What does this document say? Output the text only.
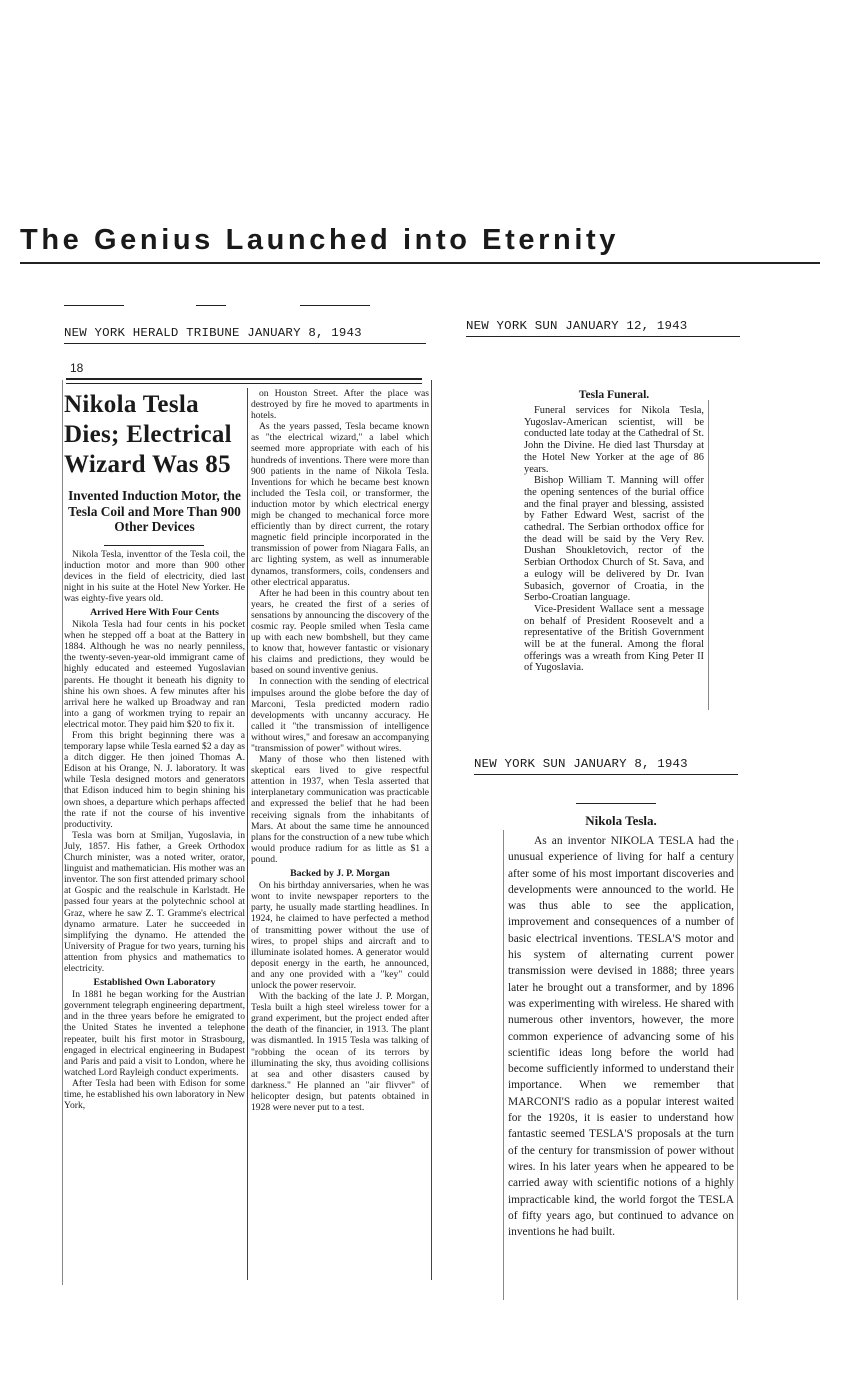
The Genius Launched into Eternity
NEW YORK HERALD TRIBUNE JANUARY 8, 1943
18
Nikola Tesla Dies; Electrical Wizard Was 85
Invented Induction Motor, the Tesla Coil and More Than 900 Other Devices

Nikola Tesla, inventtor of the Tesla coil, the induction motor and more than 900 other devices in the field of electricity, died last night in his suite at the Hotel New Yorker. He was eighty-five years old.

Arrived Here With Four Cents

Nikola Tesla had four cents in his pocket when he stepped off a boat at the Battery in 1884. Although he was no nearly penniless, the twenty-seven-year-old immigrant came of highly educated and esteemed Yugoslavian parents. He thought it beneath his dignity to shine his own shoes. A few minutes after his arrival here he walked up Broadway and ran into a gang of workmen trying to repair an electrical motor. They paid him $20 to fix it.

From this bright beginning there was a temporary lapse while Tesla earned $2 a day as a ditch digger. He then joined Thomas A. Edison at his Orange, N. J. laboratory. It was while Tesla designed motors and generators that Edison induced him to begin shining his own shoes, a departure which perhaps affected the rate if not the course of his inventive productivity.

Tesla was born at Smiljan, Yugoslavia, in July, 1857. His father, a Greek Orthodox Church minister, was a noted writer, orator, linguist and mathematician. His mother was an inventor. The son first attended primary school at Gospic and the realschule in Karlstadt. He passed four years at the polytechnic school at Graz, where he saw Z. T. Gramme's electrical dynamo armature. Later he succeeded in simplifying the dynamo. He attended the University of Prague for two years, turning his attention from physics and mathematics to electricity.

Established Own Laboratory

In 1881 he began working for the Austrian government telegraph engineering department, and in the three years before he emigrated to the United States he invented a telephone repeater, built his first motor in Strasbourg, engaged in electrical engineering in Budapest and Paris and paid a visit to London, where he watched Lord Rayleigh conduct experiments.

After Tesla had been with Edison for some time, he established his own laboratory in New York,

on Houston Street. After the place was destroyed by fire he moved to apartments in hotels.

As the years passed, Tesla became known as "the electrical wizard," a label which seemed more appropriate with each of his hundreds of inventions. There were more than 900 patients in the name of Nikola Tesla. Inventions for which he became best known included the Tesla coil, or transformer, the induction motor by which electrical energy migh be changed to mechanical force more efficiently than by direct current, the rotary magnetic field principle incorporated in the transmission of power from Niagara Falls, an arc lighting system, as well as innumerable dynamos, transformers, coils, condensers and other electrical apparatus.

After he had been in this country about ten years, he created the first of a series of sensations by announcing the discovery of the cosmic ray. People smiled when Tesla came up with each new bombshell, but they came to know that, however fantastic or visionary his claims and predictions, they would be based on sound inventive genius.

In connection with the sending of electrical impulses around the globe before the day of Marconi, Tesla predicted modern radio developments with uncanny accuracy. He called it "the transmission of intelligence without wires," and foresaw an accompanying "transmission of power" without wires.

Many of those who then listened with skeptical ears lived to give respectful attention in 1937, when Tesla asserted that interplanetary communication was practicable and expressed the belief that he had been receiving signals from the inhabitants of Mars. At about the same time he announced plans for the construction of a new tube which would produce radium for as little as $1 a pound.

Backed by J. P. Morgan

On his birthday anniversaries, when he was wont to invite newspaper reporters to the party, he usually made startling headlines. In 1924, he claimed to have perfected a method of transmitting power without the use of wires, to propel ships and aircraft and to illuminate isolated homes. A generator would deposit energy in the earth, he announced, and any one provided with a "key" could unlock the power reservoir.

With the backing of the late J. P. Morgan, Tesla built a high steel wireless tower for a grand experiment, but the project ended after the death of the financier, in 1913. The plant was dismantled. In 1915 Tesla was talking of "robbing the ocean of its terrors by illuminating the sky, thus avoiding collisions at sea and other disasters caused by darkness." He planned an "air flivver" of helicopter design, but patents obtained in 1928 were never put to a test.

NEW YORK SUN JANUARY 12, 1943
Tesla Funeral.

Funeral services for Nikola Tesla, Yugoslav-American scientist, will be conducted late today at the Cathedral of St. John the Divine. He died last Thursday at the Hotel New Yorker at the age of 86 years.

Bishop William T. Manning will offer the opening sentences of the burial office and the final prayer and blessing, assisted by Father Edward West, sacrist of the cathedral. The Serbian orthodox office for the dead will be said by the Very Rev. Dushan Shoukletovich, rector of the Serbian Orthodox Church of St. Sava, and a eulogy will be delivered by Dr. Ivan Subasich, governor of Croatia, in the Serbo-Croatian language.

Vice-President Wallace sent a message on behalf of President Roosevelt and a representative of the British Government will be at the funeral. Among the floral offerings was a wreath from King Peter II of Yugoslavia.

NEW YORK SUN JANUARY 8, 1943
Nikola Tesla.

As an inventor NIKOLA TESLA had the unusual experience of living for half a century after some of his most important discoveries and developments were announced to the world. He was thus able to see the application, improvement and consequences of a number of basic electrical inventions. TESLA'S motor and his system of alternating current power transmission were devised in 1888; three years later he brought out a transformer, and by 1896 was experimenting with wireless. He shared with numerous other inventors, however, the more common experience of advancing some of his scientific ideas long before the world had become sufficiently informed to understand their importance. When we remember that MARCONI'S radio as a popular interest waited for the 1920s, it is easier to understand how fantastic seemed TESLA'S proposals at the turn of the century for transmission of power without wires. In his later years when he appeared to be carried away with scientific notions of a highly impracticable kind, the world forgot the TESLA of fifty years ago, but continued to advance on inventions he had built.
